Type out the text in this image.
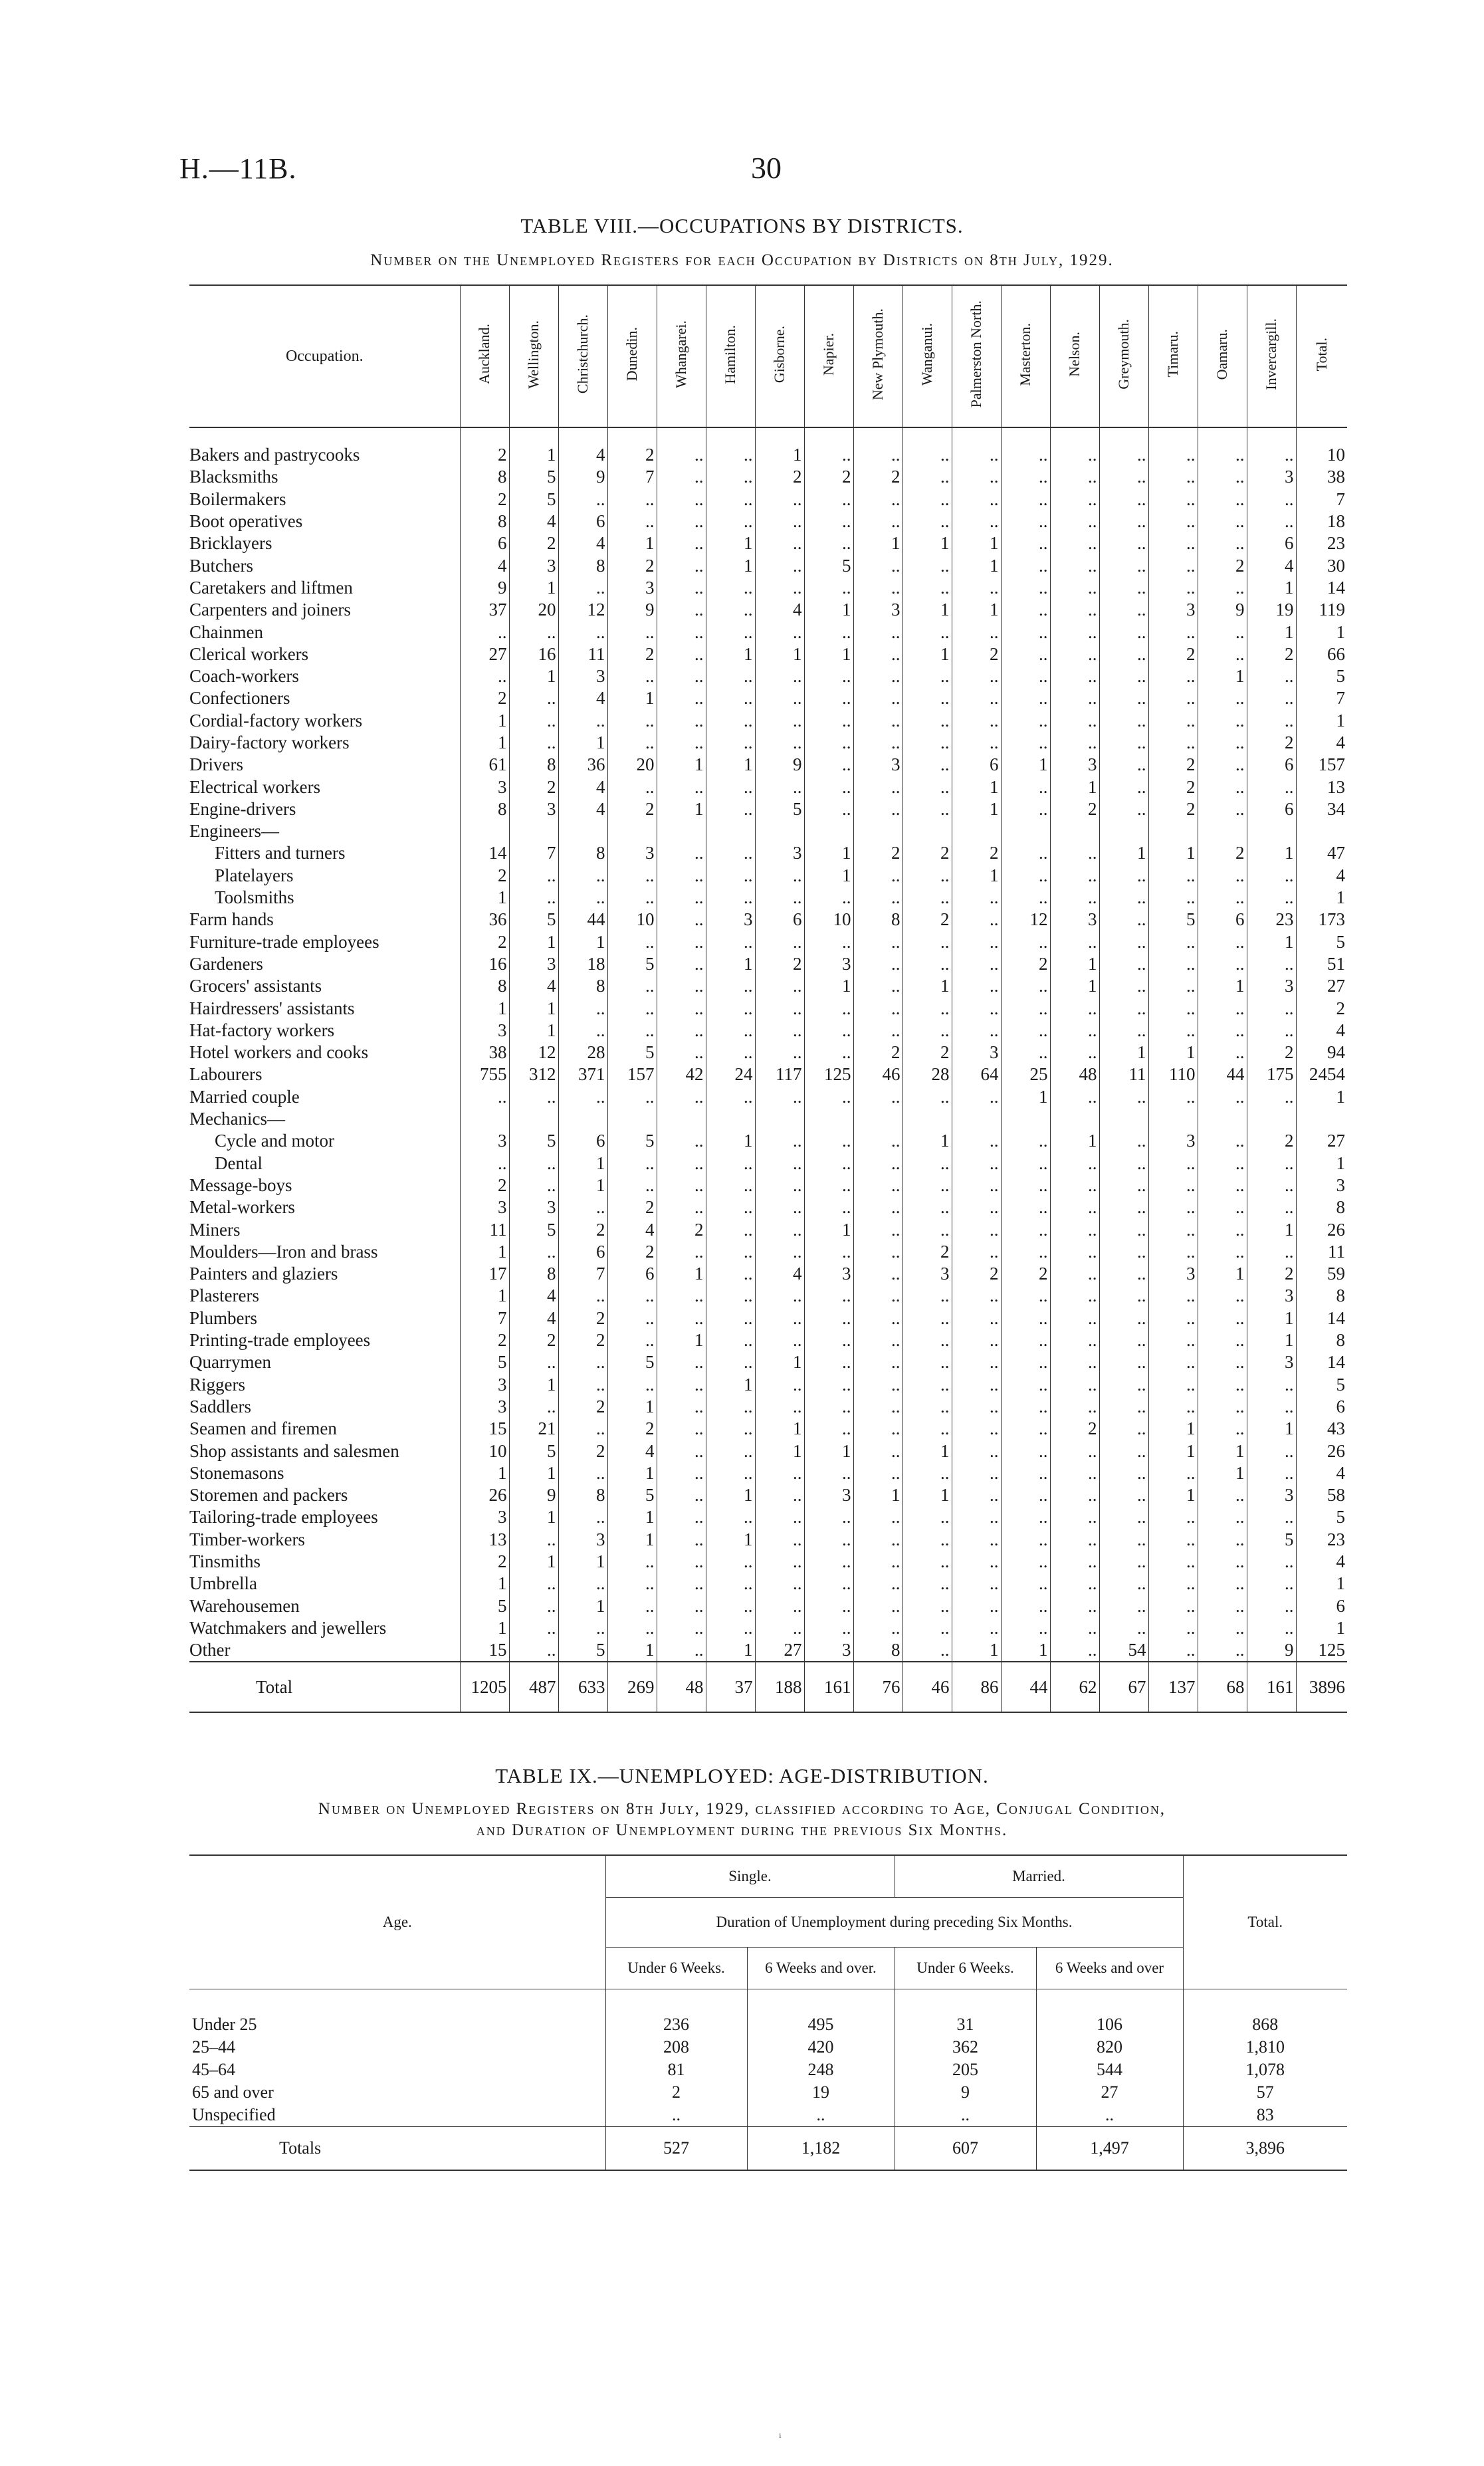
H.—11B.	30
TABLE VIII.—OCCUPATIONS BY DISTRICTS.
Number on the Unemployed Registers for each Occupation by Districts on 8th July, 1929.
Occupation.	Auckland.	Wellington.	Christchurch.	Dunedin.	Whangarei.	Hamilton.	Gisborne.	Napier.	New Plymouth.	Wanganui.	Palmerston North.	Masterton.	Nelson.	Greymouth.	Timaru.	Oamaru.	Invercargill.	Total.
Bakers and pastrycooks	2	1	4	2	..	..	1	..	..	..	..	..	..	..	..	..	..	10
Blacksmiths	8	5	9	7	..	..	2	2	2	..	..	..	..	..	..	..	3	38
Boilermakers	2	5	..	..	..	..	..	..	..	..	..	..	..	..	..	..	..	7
Boot operatives	8	4	6	..	..	..	..	..	..	..	..	..	..	..	..	..	..	18
Bricklayers	6	2	4	1	..	1	..	..	1	1	1	..	..	..	..	..	6	23
Butchers	4	3	8	2	..	1	..	5	..	..	1	..	..	..	..	2	4	30
Caretakers and liftmen	9	1	..	3	..	..	..	..	..	..	..	..	..	..	..	..	1	14
Carpenters and joiners	37	20	12	9	..	..	4	1	3	1	1	..	..	..	3	9	19	119
Chainmen	..	..	..	..	..	..	..	..	..	..	..	..	..	..	..	..	1	1
Clerical workers	27	16	11	2	..	1	1	1	..	1	2	..	..	..	2	..	2	66
Coach-workers	..	1	3	..	..	..	..	..	..	..	..	..	..	..	..	1	..	5
Confectioners	2	..	4	1	..	..	..	..	..	..	..	..	..	..	..	..	..	7
Cordial-factory workers	1	..	..	..	..	..	..	..	..	..	..	..	..	..	..	..	..	1
Dairy-factory workers	1	..	1	..	..	..	..	..	..	..	..	..	..	..	..	..	2	4
Drivers	61	8	36	20	1	1	9	..	3	..	6	1	3	..	2	..	6	157
Electrical workers	3	2	4	..	..	..	..	..	..	..	1	..	1	..	2	..	..	13
Engine-drivers	8	3	4	2	1	..	5	..	..	..	1	..	2	..	2	..	6	34
Engineers—																		
Fitters and turners	14	7	8	3	..	..	3	1	2	2	2	..	..	1	1	2	1	47
Platelayers	2	..	..	..	..	..	..	1	..	..	1	..	..	..	..	..	..	4
Toolsmiths	1	..	..	..	..	..	..	..	..	..	..	..	..	..	..	..	..	1
Farm hands	36	5	44	10	..	3	6	10	8	2	..	12	3	..	5	6	23	173
Furniture-trade employees	2	1	1	..	..	..	..	..	..	..	..	..	..	..	..	..	1	5
Gardeners	16	3	18	5	..	1	2	3	..	..	..	2	1	..	..	..	..	51
Grocers' assistants	8	4	8	..	..	..	..	1	..	1	..	..	1	..	..	1	3	27
Hairdressers' assistants	1	1	..	..	..	..	..	..	..	..	..	..	..	..	..	..	..	2
Hat-factory workers	3	1	..	..	..	..	..	..	..	..	..	..	..	..	..	..	..	4
Hotel workers and cooks	38	12	28	5	..	..	..	..	2	2	3	..	..	1	1	..	2	94
Labourers	755	312	371	157	42	24	117	125	46	28	64	25	48	11	110	44	175	2454
Married couple	..	..	..	..	..	..	..	..	..	..	..	1	..	..	..	..	..	1
Mechanics—																		
Cycle and motor	3	5	6	5	..	1	..	..	..	1	..	..	1	..	3	..	2	27
Dental	..	..	1	..	..	..	..	..	..	..	..	..	..	..	..	..	..	1
Message-boys	2	..	1	..	..	..	..	..	..	..	..	..	..	..	..	..	..	3
Metal-workers	3	3	..	2	..	..	..	..	..	..	..	..	..	..	..	..	..	8
Miners	11	5	2	4	2	..	..	1	..	..	..	..	..	..	..	..	1	26
Moulders—Iron and brass	1	..	6	2	..	..	..	..	..	2	..	..	..	..	..	..	..	11
Painters and glaziers	17	8	7	6	1	..	4	3	..	3	2	2	..	..	3	1	2	59
Plasterers	1	4	..	..	..	..	..	..	..	..	..	..	..	..	..	..	3	8
Plumbers	7	4	2	..	..	..	..	..	..	..	..	..	..	..	..	..	1	14
Printing-trade employees	2	2	2	..	1	..	..	..	..	..	..	..	..	..	..	..	1	8
Quarrymen	5	..	..	5	..	..	1	..	..	..	..	..	..	..	..	..	3	14
Riggers	3	1	..	..	..	1	..	..	..	..	..	..	..	..	..	..	..	5
Saddlers	3	..	2	1	..	..	..	..	..	..	..	..	..	..	..	..	..	6
Seamen and firemen	15	21	..	2	..	..	1	..	..	..	..	..	2	..	1	..	1	43
Shop assistants and salesmen	10	5	2	4	..	..	1	1	..	1	..	..	..	..	1	1	..	26
Stonemasons	1	1	..	1	..	..	..	..	..	..	..	..	..	..	..	1	..	4
Storemen and packers	26	9	8	5	..	1	..	3	1	1	..	..	..	..	1	..	3	58
Tailoring-trade employees	3	1	..	1	..	..	..	..	..	..	..	..	..	..	..	..	..	5
Timber-workers	13	..	3	1	..	1	..	..	..	..	..	..	..	..	..	..	5	23
Tinsmiths	2	1	1	..	..	..	..	..	..	..	..	..	..	..	..	..	..	4
Umbrella	1	..	..	..	..	..	..	..	..	..	..	..	..	..	..	..	..	1
Warehousemen	5	..	1	..	..	..	..	..	..	..	..	..	..	..	..	..	..	6
Watchmakers and jewellers	1	..	..	..	..	..	..	..	..	..	..	..	..	..	..	..	..	1
Other	15	..	5	1	..	1	27	3	8	..	1	1	..	54	..	..	9	125
Total	1205	487	633	269	48	37	188	161	76	46	86	44	62	67	137	68	161	3896
TABLE IX.—UNEMPLOYED: AGE-DISTRIBUTION.
Number on Unemployed Registers on 8th July, 1929, classified according to Age, Conjugal Condition,
and Duration of Unemployment during the previous Six Months.
Age.	Single.		Married.		Total.
	Duration of Unemployment during preceding Six Months.				
	Under 6 Weeks.	6 Weeks and over.	Under 6 Weeks.	6 Weeks and over	
Under 25	236	495	31	106	868
25–44	208	420	362	820	1,810
45–64	81	248	205	544	1,078
65 and over	2	19	9	27	57
Unspecified	..	..	..	..	83
Totals	527	1,182	607	1,497	3,896
ⁱ
